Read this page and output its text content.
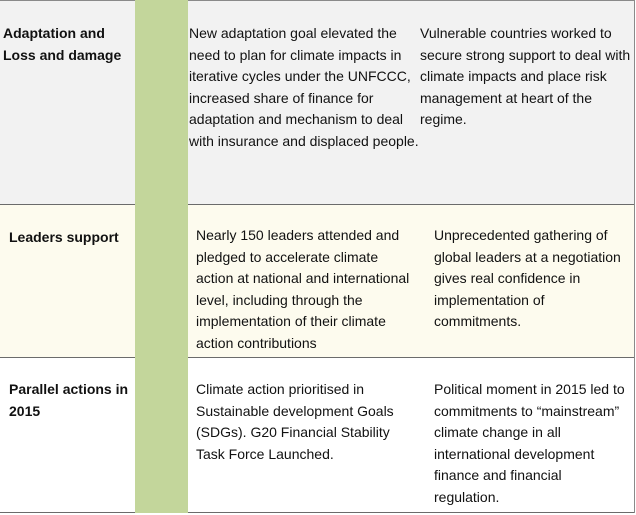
Adaptation and Loss and damage

New adaptation goal elevated the need to plan for climate impacts in iterative cycles under the UNFCCC, increased share of finance for adaptation and mechanism to deal with insurance and displaced people.

Vulnerable countries worked to secure strong support to deal with climate impacts and place risk management at heart of the regime.

Leaders support	Nearly 150 leaders attended and pledged to accelerate climate action at national and international level, including through the implementation of their climate action contributions

Unprecedented gathering of global leaders at a negotiation gives real confidence in implementation of commitments.

Parallel actions in 2015

Climate action prioritised in Sustainable development Goals (SDGs). G20 Financial Stability Task Force Launched.

Political moment in 2015 led to commitments to “mainstream” climate change in all international development finance and financial regulation.
